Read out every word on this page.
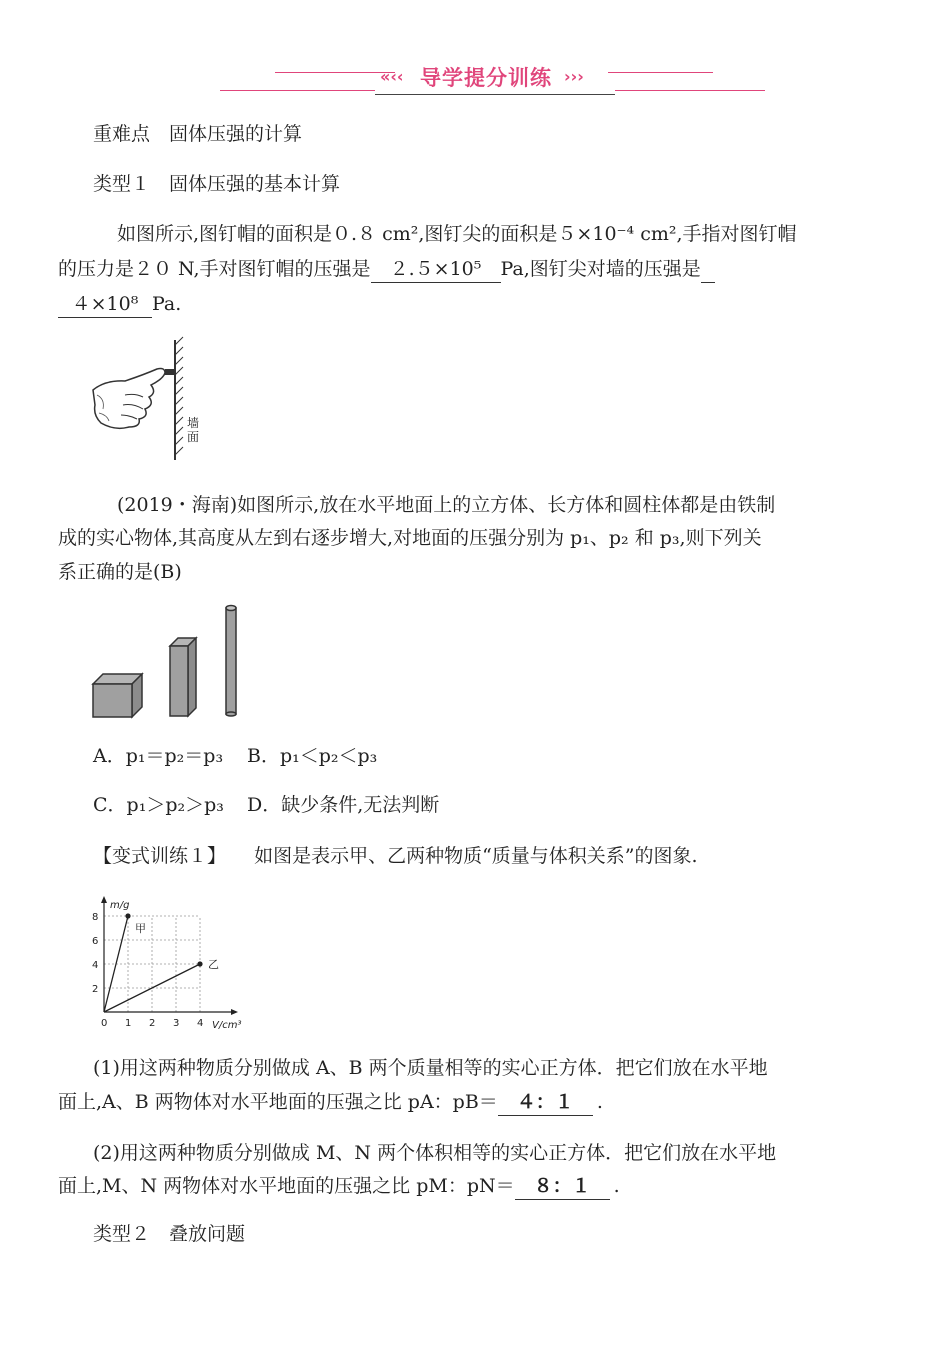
«‹‹ 导学提分训练 ›››
重难点　固体压强的计算
类型１　固体压强的基本计算
如图所示,图钉帽的面积是０.８ cm²,图钉尖的面积是５×10⁻⁴ cm²,手指对图钉帽
的压力是２０ N,手对图钉帽的压强是 ２.５×10⁵ Pa,图钉尖对墙的压强是
４×10⁸ Pa.
墙
面
(2019・海南)如图所示,放在水平地面上的立方体、长方体和圆柱体都是由铁制
成的实心物体,其高度从左到右逐步增大,对地面的压强分别为 p₁、p₂ 和 p₃,则下列关
系正确的是(B)
A．p₁＝p₂＝p₃ B．p₁＜p₂＜p₃
C．p₁＞p₂＞p₃ D．缺少条件,无法判断
【变式训练１】 如图是表示甲、乙两种物质“质量与体积关系”的图象.
0 1 2 3 4
2
4
6
8
V/cm³
m/g
甲
乙
(1)用这两种物质分别做成 A、B 两个质量相等的实心正方体．把它们放在水平地
面上,A、B 两物体对水平地面的压强之比 pA：pB＝ ４：１ .
(2)用这两种物质分别做成 M、N 两个体积相等的实心正方体．把它们放在水平地
面上,M、N 两物体对水平地面的压强之比 pM：pN＝ ８：１ .
类型２　叠放问题
